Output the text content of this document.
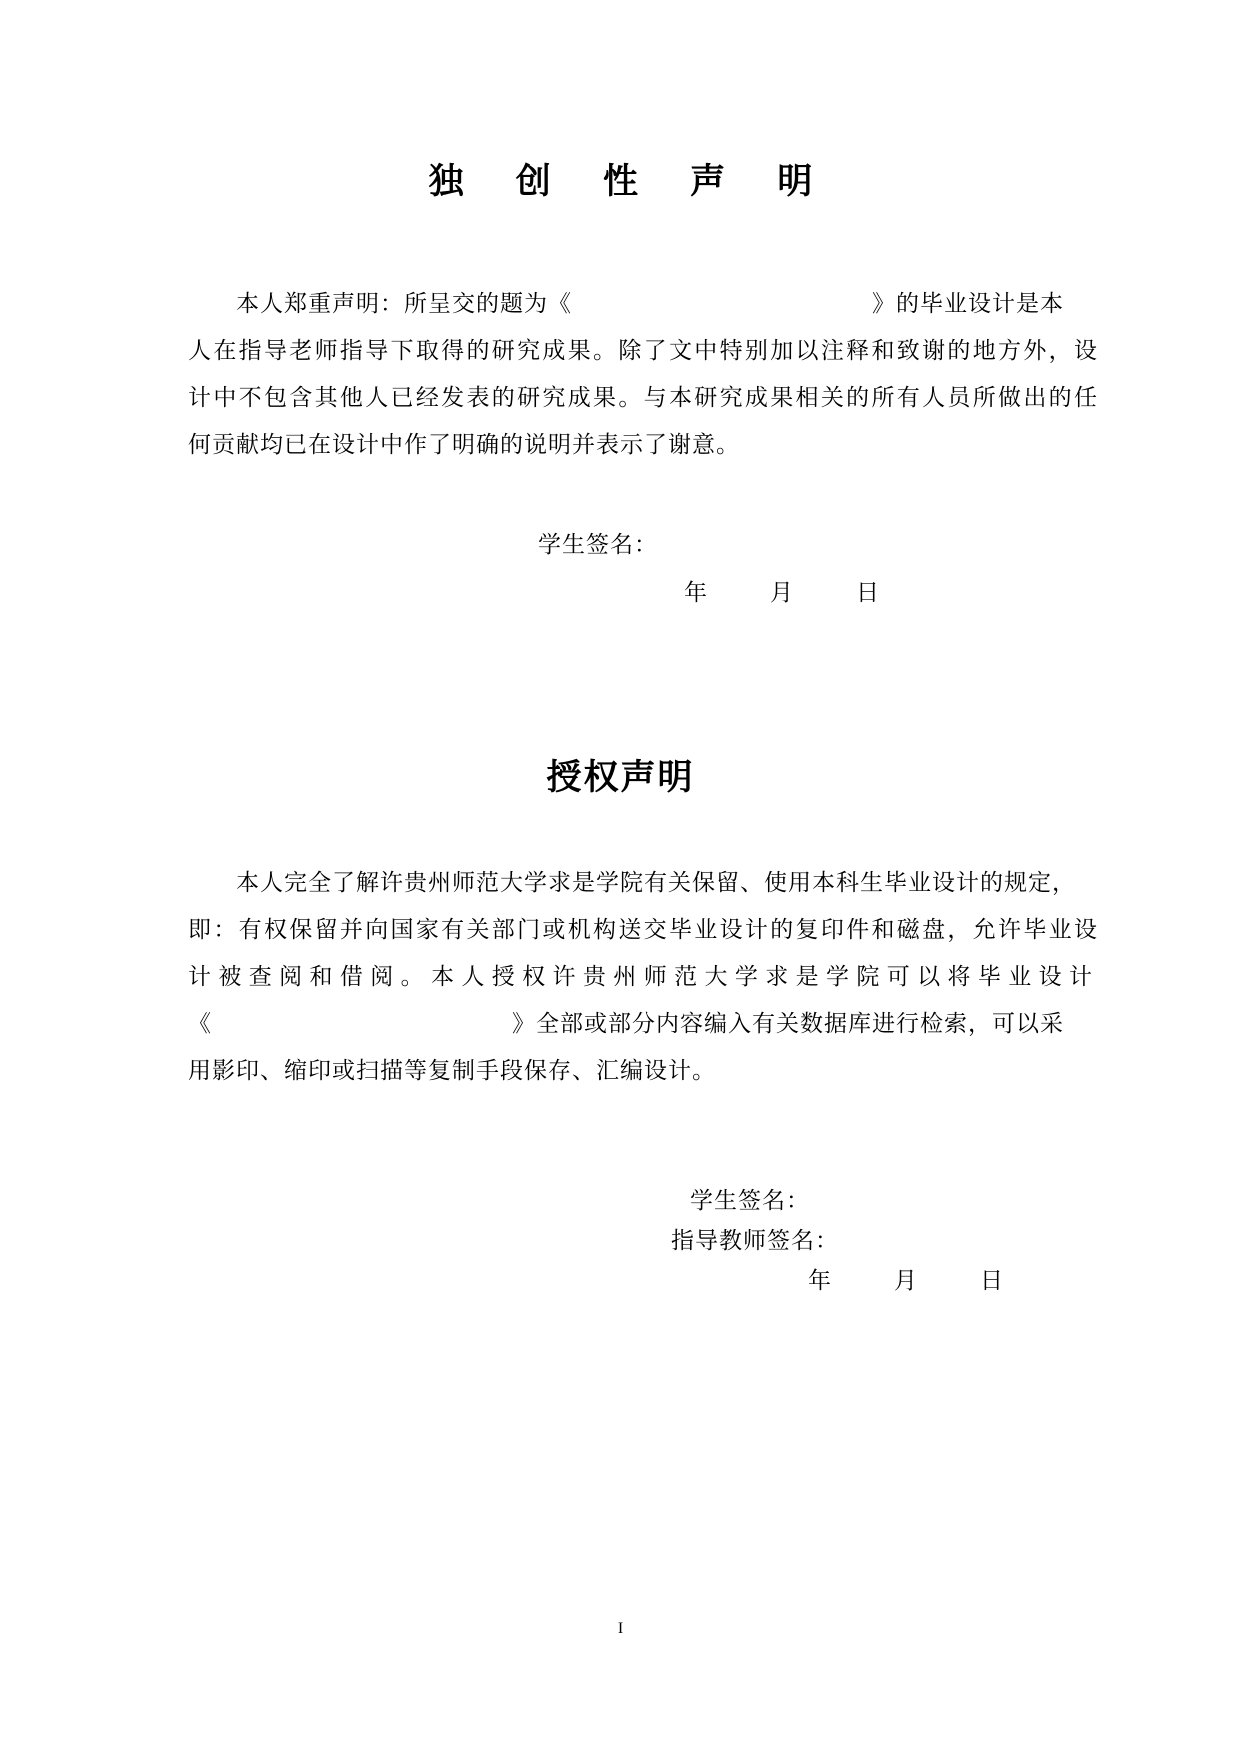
独 创 性 声 明
本人郑重声明：所呈交的题为《	》的毕业设计是本
人在指导老师指导下取得的研究成果。除了文中特别加以注释和致谢的地方外，设
计中不包含其他人已经发表的研究成果。与本研究成果相关的所有人员所做出的任
何贡献均已在设计中作了明确的说明并表示了谢意。
学生签名：
年	月	日
授权声明
本人完全了解许贵州师范大学求是学院有关保留、使用本科生毕业设计的规定，
即：有权保留并向国家有关部门或机构送交毕业设计的复印件和磁盘，允许毕业设
计被查阅和借阅。本人授权许贵州师范大学求是学院可以将毕业设计
《	》全部或部分内容编入有关数据库进行检索，可以采
用影印、缩印或扫描等复制手段保存、汇编设计。
学生签名：
指导教师签名：
年	月	日
I
